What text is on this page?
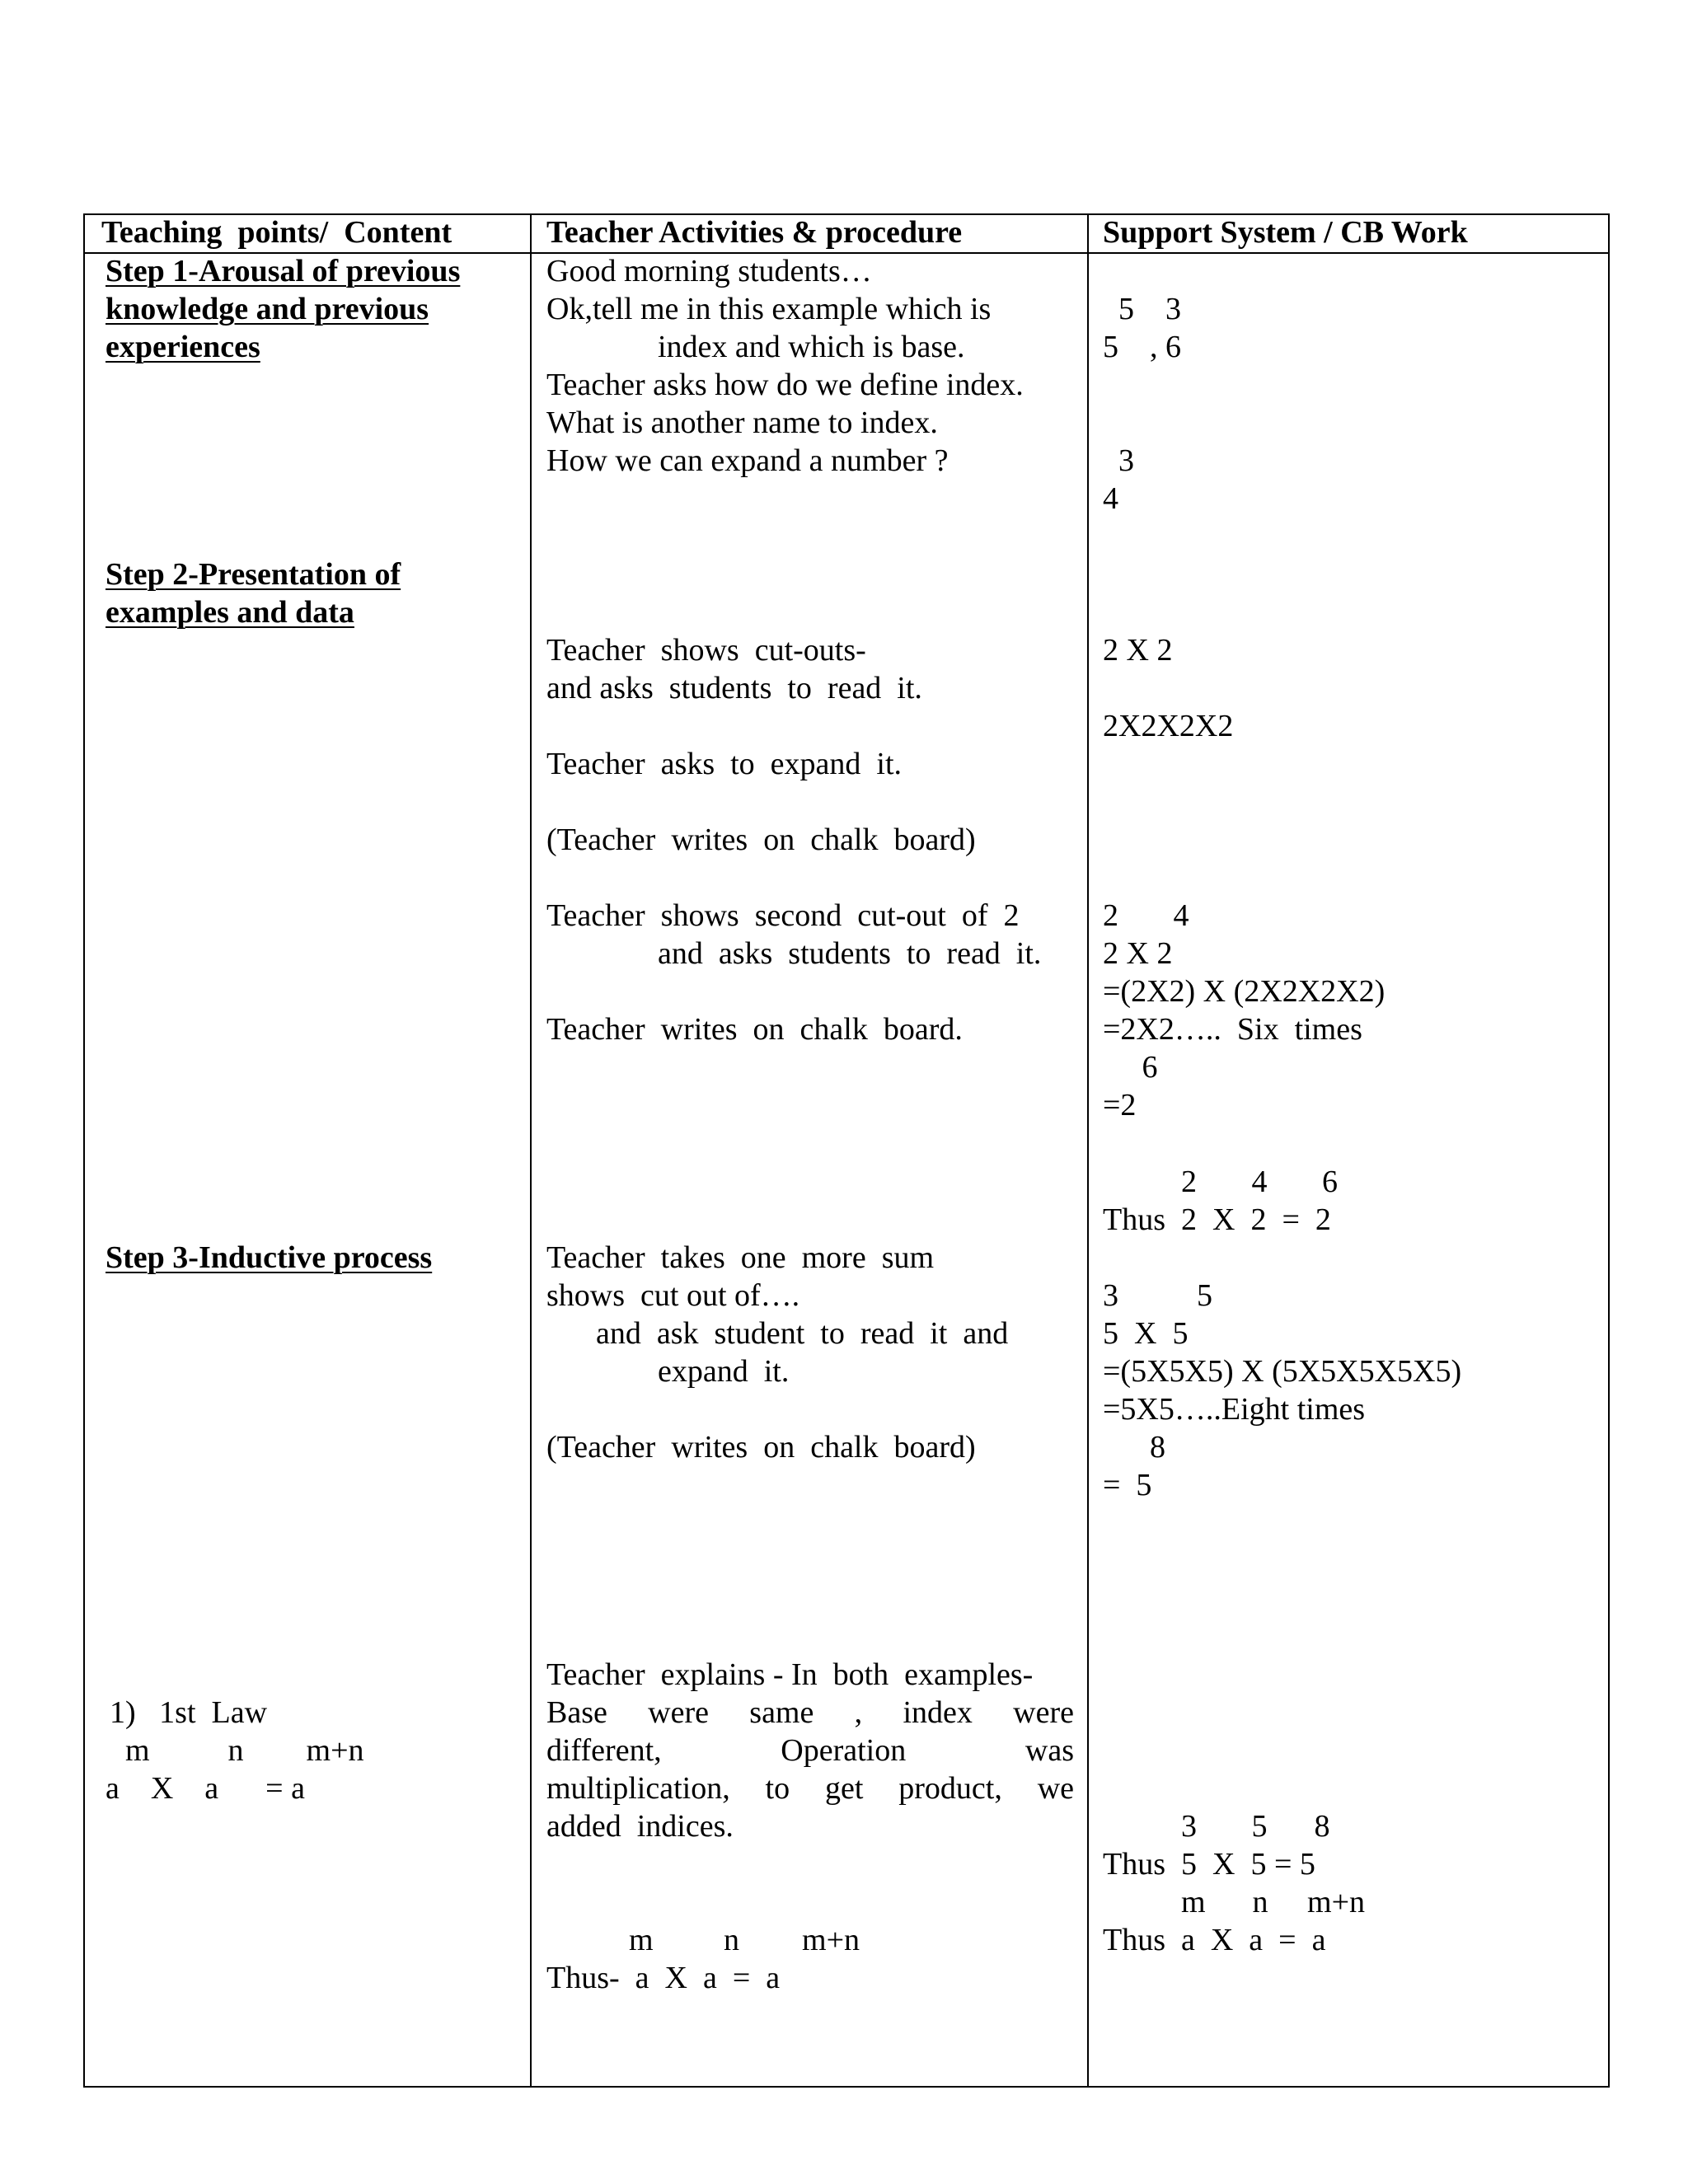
Teaching  points/  Content	Teacher Activities & procedure	Support System / CB Work
Step 1-Arousal of previous
knowledge and previous
experiences
Step 2-Presentation of
examples and data
Step 3-Inductive process
1)   1st  Law
m          n        m+n
a    X    a      = a
Good morning students…
Ok,tell me in this example which is
index and which is base.
Teacher asks how do we define index.
What is another name to index.
How we can expand a number ?
Teacher  shows  cut-outs-
and asks  students  to  read  it.
Teacher  asks  to  expand  it.
(Teacher  writes  on  chalk  board)
Teacher  shows  second  cut-out  of  2
and  asks  students  to  read  it.
Teacher  writes  on  chalk  board.
Teacher  takes  one  more  sum
shows  cut out of….
and  ask  student  to  read  it  and
expand  it.
(Teacher  writes  on  chalk  board)
Teacher  explains - In  both  examples-
Base were same , index were
different, Operation was
multiplication, to get product, we
added  indices.
m         n        m+n
Thus-  a  X  a  =  a
5    3
5    , 6
3
4
2 X 2
2X2X2X2
2       4
2 X 2
=(2X2) X (2X2X2X2)
=2X2…..  Six  times
6
=2
2       4       6
Thus  2  X  2  =  2
3          5
5  X  5
=(5X5X5) X (5X5X5X5X5)
=5X5…..Eight times
8
=  5
3       5      8
Thus  5  X  5 = 5
m      n     m+n
Thus  a  X  a  =  a
